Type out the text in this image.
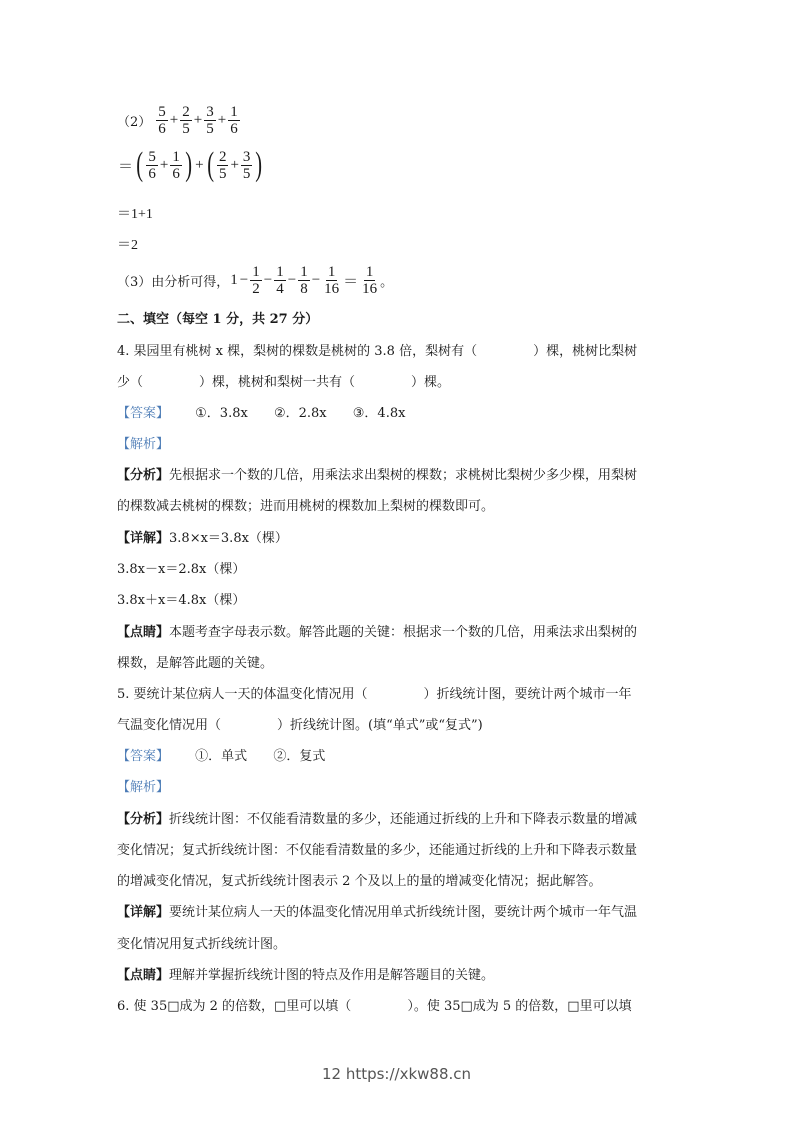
$(2) \frac{5}{6} + \frac{2}{5} + \frac{3}{5} + \frac{1}{6}$
＝ ( $\frac{5}{6} + \frac{1}{6}$ ) + ( $\frac{2}{5} + \frac{3}{5}$ )
＝1+1
＝2
（3）由分析可得， $1 - \frac{1}{2} - \frac{1}{4} - \frac{1}{8} - \frac{1}{16} = \frac{1}{16}$ 。
二、填空（每空 1 分，共 27 分）
4. 果园里有桃树 x 棵，梨树的棵数是桃树的 3.8 倍，梨树有（	）棵，桃树比梨树
少（	）棵，桃树和梨树一共有（	）棵。
【答案】 ①．3.8x ②．2.8x ③．4.8x
【解析】
【分析】先根据求一个数的几倍，用乘法求出梨树的棵数；求桃树比梨树少多少棵，用梨树
的棵数减去桃树的棵数；进而用桃树的棵数加上梨树的棵数即可。
【详解】3.8×x＝3.8x（棵）
3.8x－x＝2.8x（棵）
3.8x＋x＝4.8x（棵）
【点睛】本题考查字母表示数。解答此题的关键：根据求一个数的几倍，用乘法求出梨树的
棵数，是解答此题的关键。
5. 要统计某位病人一天的体温变化情况用（	）折线统计图，要统计两个城市一年
气温变化情况用（	）折线统计图。(填“单式”或“复式”)
【答案】 ①．单式 ②．复式
【解析】
【分析】折线统计图：不仅能看清数量的多少，还能通过折线的上升和下降表示数量的增减
变化情况；复式折线统计图：不仅能看清数量的多少，还能通过折线的上升和下降表示数量
的增减变化情况，复式折线统计图表示 2 个及以上的量的增减变化情况；据此解答。
【详解】要统计某位病人一天的体温变化情况用单式折线统计图，要统计两个城市一年气温
变化情况用复式折线统计图。
【点睛】理解并掌握折线统计图的特点及作用是解答题目的关键。
6. 使 35□成为 2 的倍数，□里可以填（	）。使 35□成为 5 的倍数，□里可以填
12 https://xkw88.cn
